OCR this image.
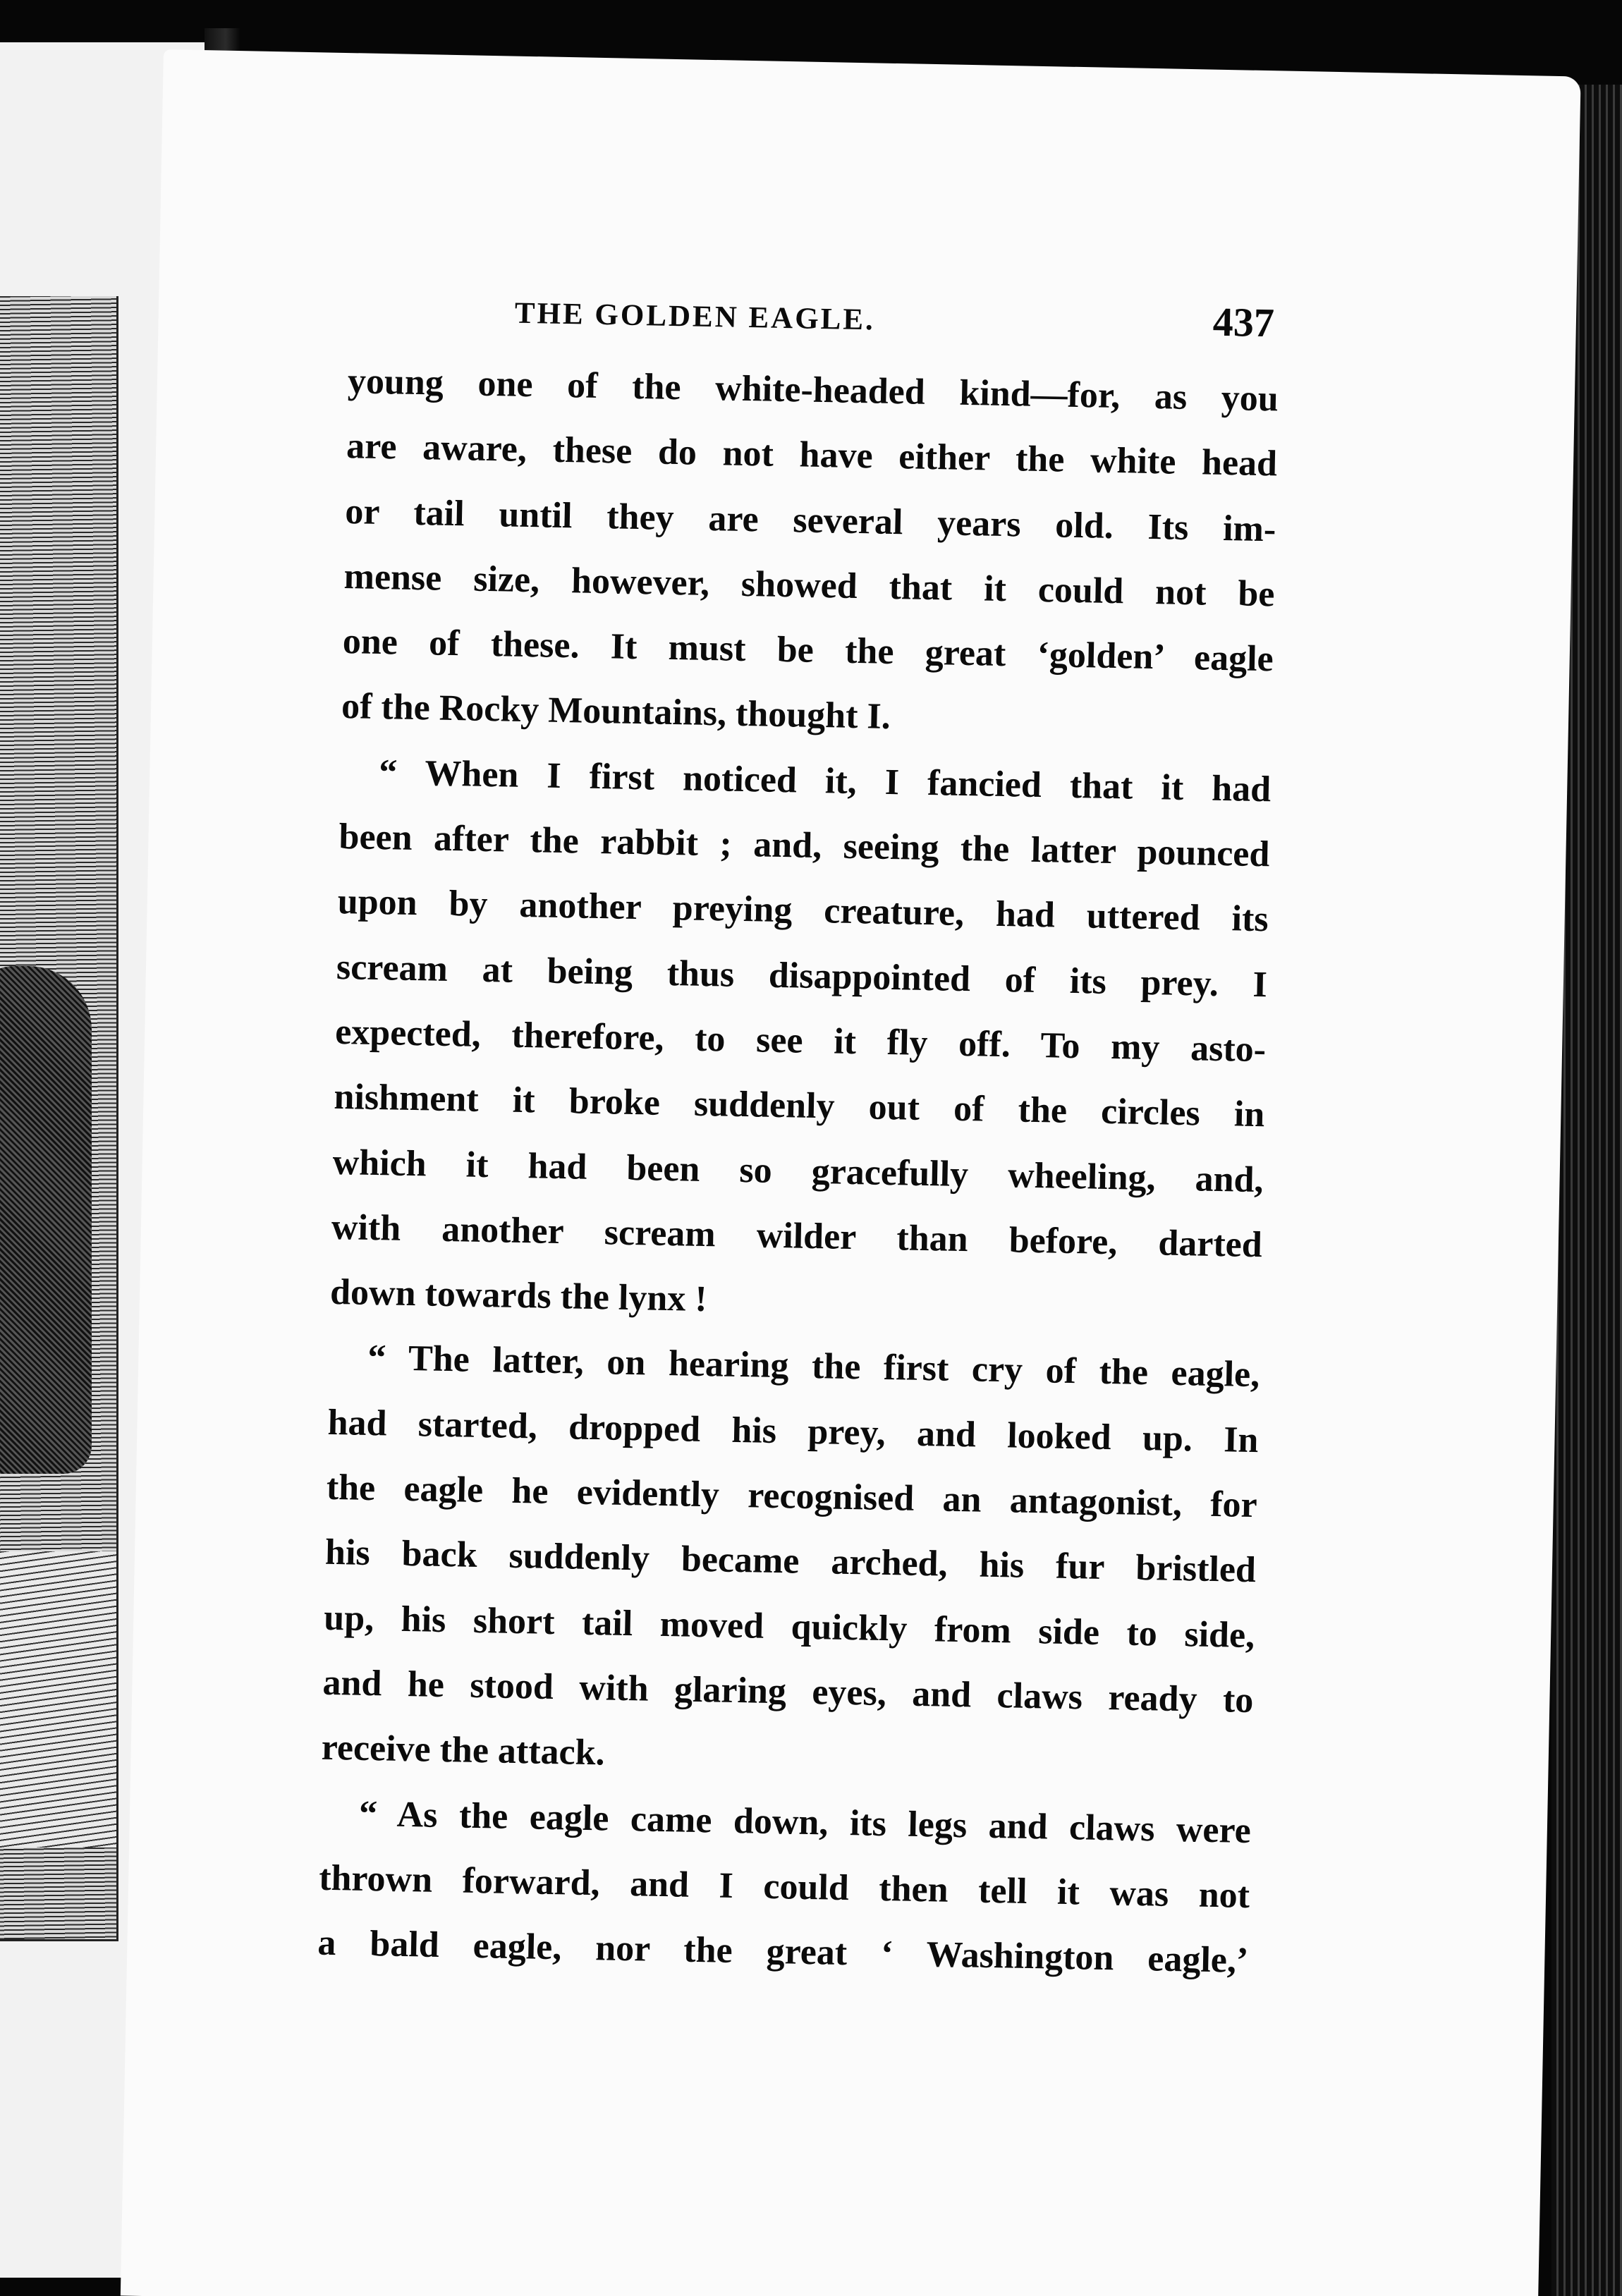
THE GOLDEN EAGLE.	437

young one of the white-headed kind—for, as you
are aware, these do not have either the white head
or tail until they are several years old. Its im-
mense size, however, showed that it could not be
one of these. It must be the great ‘golden’ eagle
of the Rocky Mountains, thought I.

“ When I first noticed it, I fancied that it had
been after the rabbit ; and, seeing the latter pounced
upon by another preying creature, had uttered its
scream at being thus disappointed of its prey. I
expected, therefore, to see it fly off. To my asto-
nishment it broke suddenly out of the circles in
which it had been so gracefully wheeling, and,
with another scream wilder than before, darted
down towards the lynx !

“ The latter, on hearing the first cry of the eagle,
had started, dropped his prey, and looked up. In
the eagle he evidently recognised an antagonist, for
his back suddenly became arched, his fur bristled
up, his short tail moved quickly from side to side,
and he stood with glaring eyes, and claws ready to
receive the attack.

“ As the eagle came down, its legs and claws were
thrown forward, and I could then tell it was not
a bald eagle, nor the great ‘ Washington eagle,’
